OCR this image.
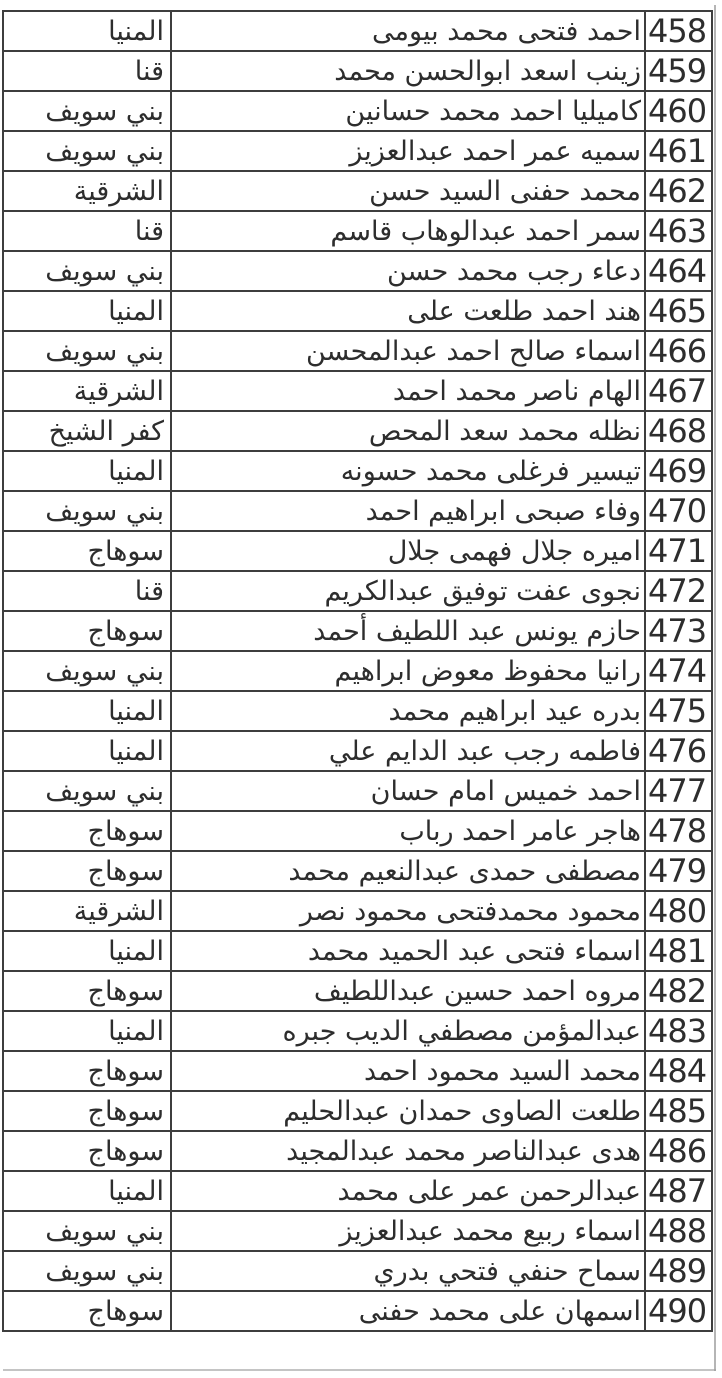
458	احمد فتحى محمد بيومى	المنيا
459	زينب اسعد ابوالحسن محمد	قنا
460	كاميليا احمد محمد حسانين	بني سويف
461	سميه عمر احمد عبدالعزيز	بني سويف
462	محمد حفنى السيد حسن	الشرقية
463	سمر احمد عبدالوهاب قاسم	قنا
464	دعاء رجب محمد حسن	بني سويف
465	هند احمد طلعت على	المنيا
466	اسماء صالح احمد عبدالمحسن	بني سويف
467	الهام ناصر محمد احمد	الشرقية
468	نظله محمد سعد المحص	كفر الشيخ
469	تيسير فرغلى محمد حسونه	المنيا
470	وفاء صبحى ابراهيم احمد	بني سويف
471	اميره جلال فهمى جلال	سوهاج
472	نجوى عفت توفيق عبدالكريم	قنا
473	حازم يونس عبد اللطيف أحمد	سوهاج
474	رانيا محفوظ معوض ابراهيم	بني سويف
475	بدره عيد ابراهيم محمد	المنيا
476	فاطمه رجب عبد الدايم علي	المنيا
477	احمد خميس امام حسان	بني سويف
478	هاجر عامر احمد رباب	سوهاج
479	مصطفى حمدى عبدالنعيم محمد	سوهاج
480	محمود محمدفتحى محمود نصر	الشرقية
481	اسماء فتحى عبد الحميد محمد	المنيا
482	مروه احمد حسين عبداللطيف	سوهاج
483	عبدالمؤمن مصطفي الديب جبره	المنيا
484	محمد السيد محمود احمد	سوهاج
485	طلعت الصاوى حمدان عبدالحليم	سوهاج
486	هدى عبدالناصر محمد عبدالمجيد	سوهاج
487	عبدالرحمن عمر على محمد	المنيا
488	اسماء ربيع محمد عبدالعزيز	بني سويف
489	سماح حنفي فتحي بدري	بني سويف
490	اسمهان على محمد حفنى	سوهاج
